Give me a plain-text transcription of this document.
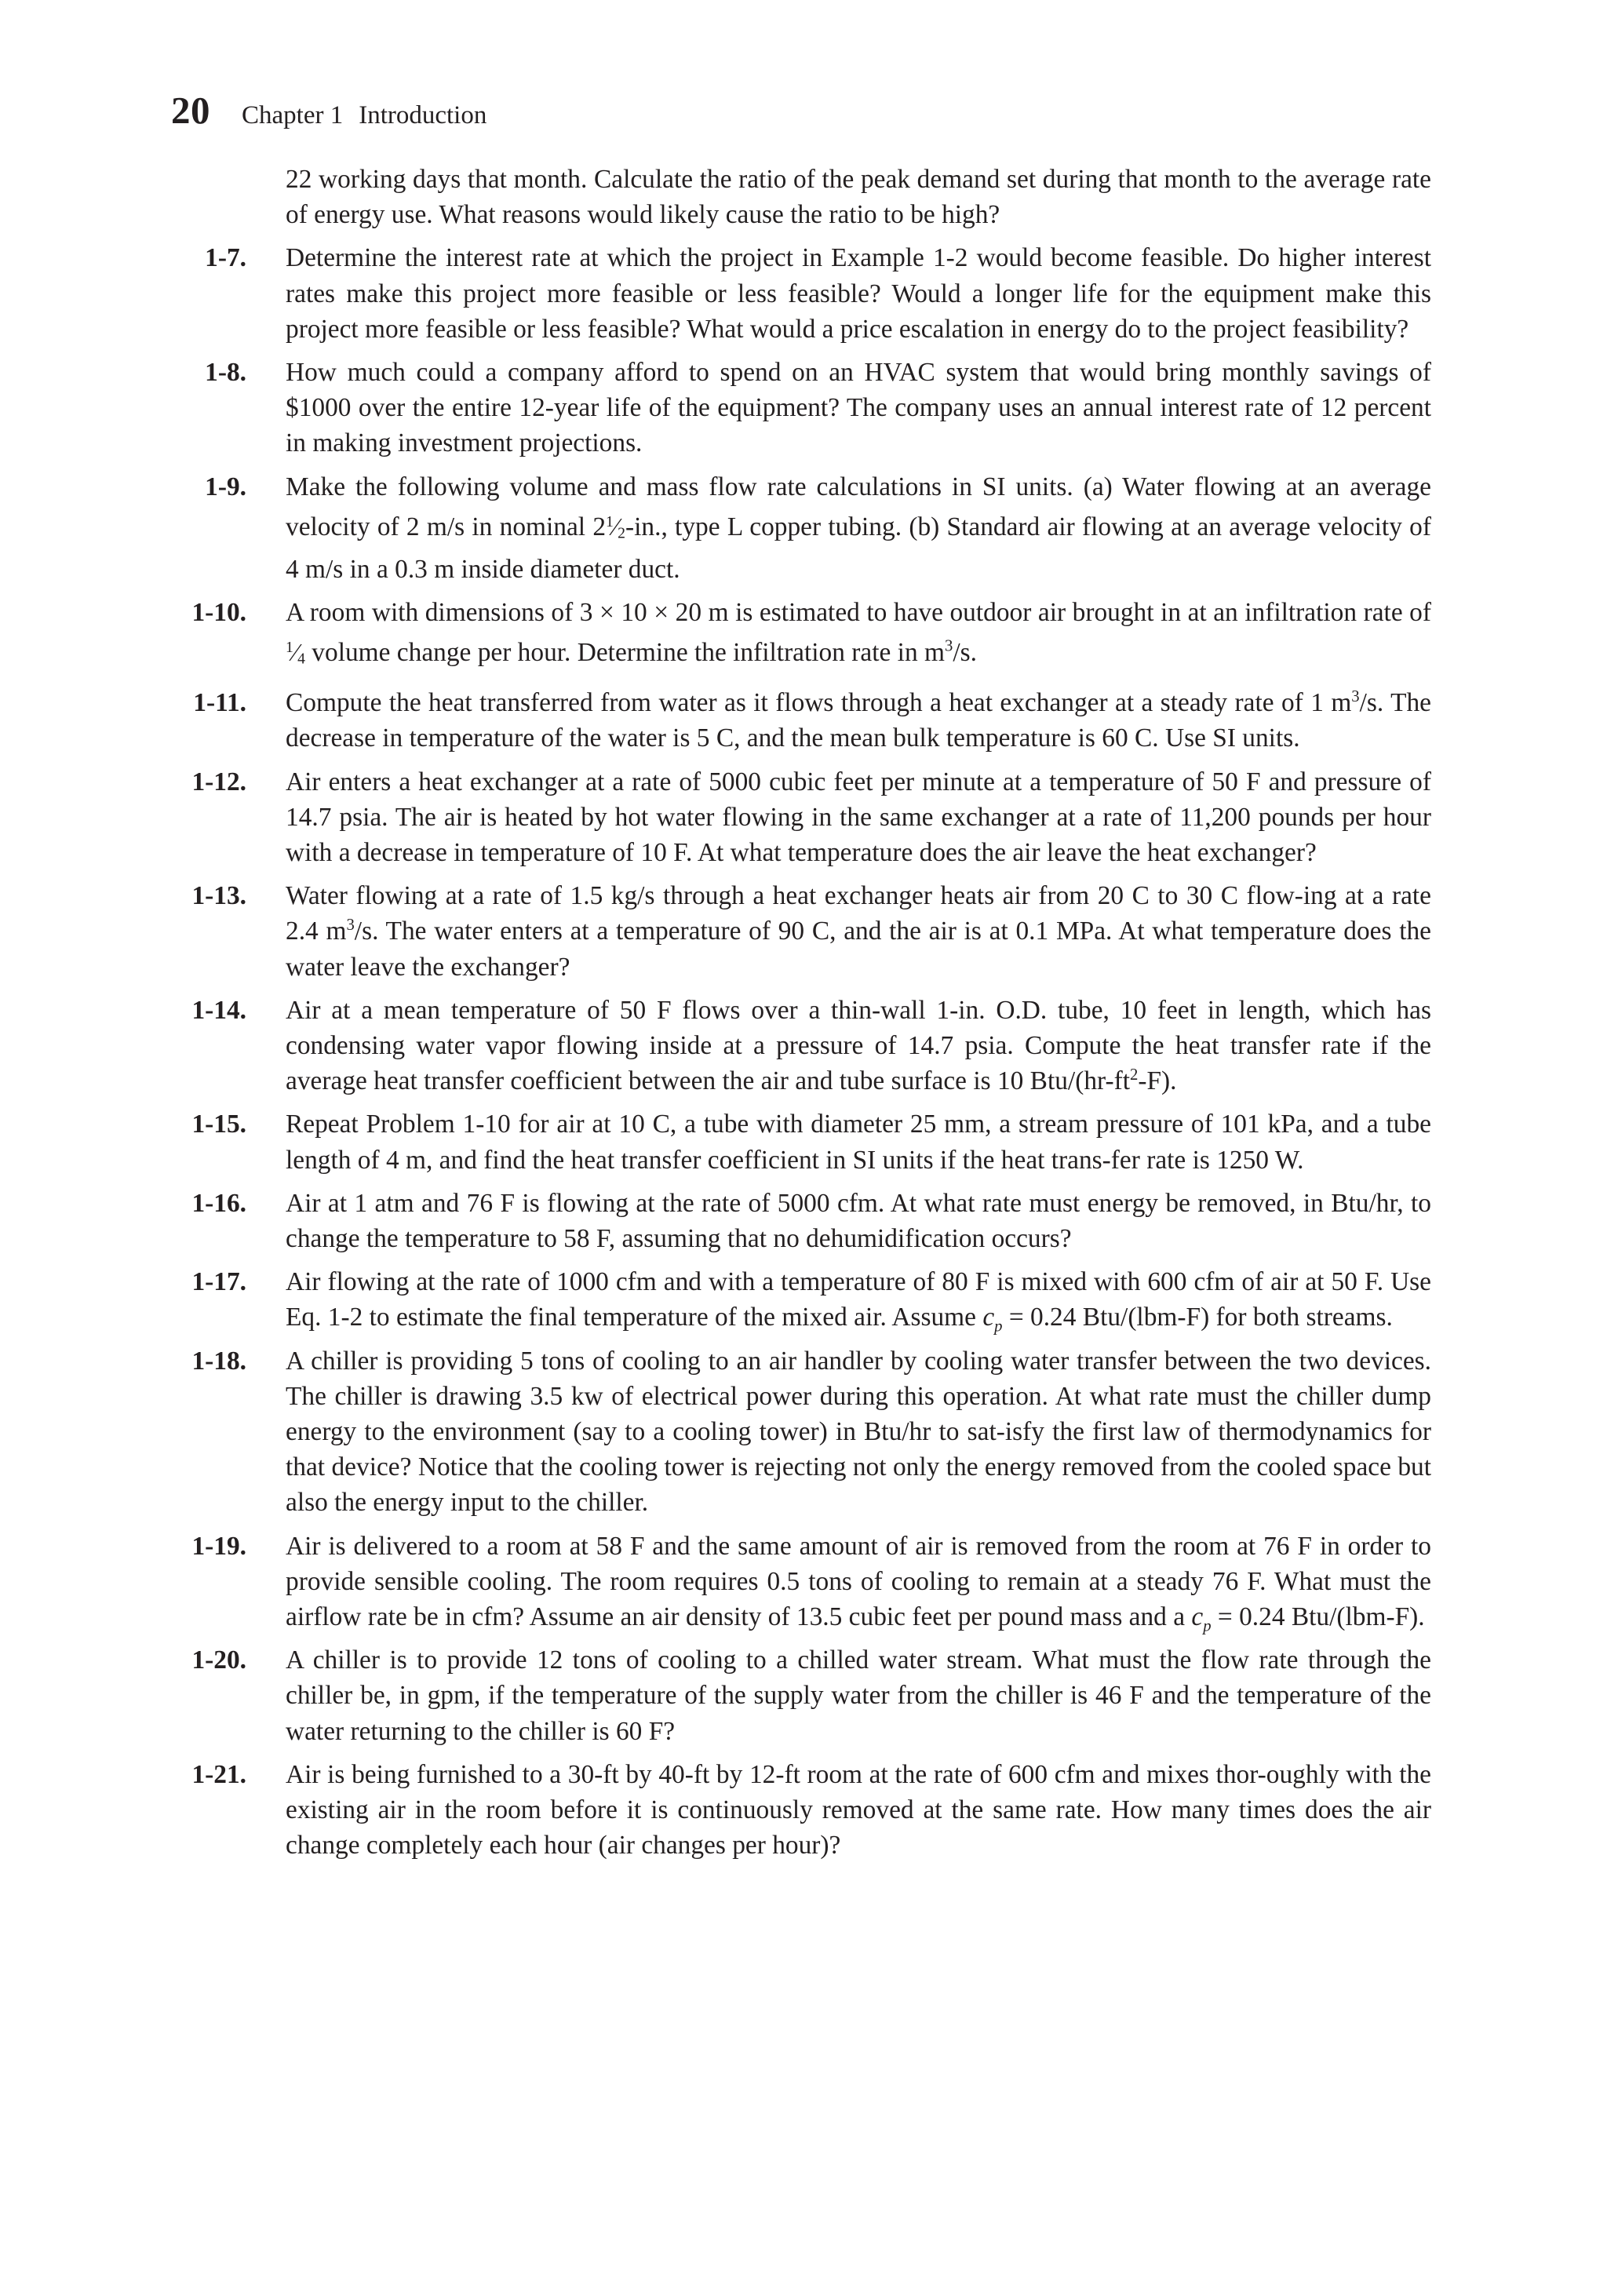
20 Chapter 1 Introduction
22 working days that month. Calculate the ratio of the peak demand set during that month to the average rate of energy use. What reasons would likely cause the ratio to be high?
1-7. Determine the interest rate at which the project in Example 1-2 would become feasible. Do higher interest rates make this project more feasible or less feasible? Would a longer life for the equipment make this project more feasible or less feasible? What would a price escalation in energy do to the project feasibility?
1-8. How much could a company afford to spend on an HVAC system that would bring monthly savings of $1000 over the entire 12-year life of the equipment? The company uses an annual interest rate of 12 percent in making investment projections.
1-9. Make the following volume and mass flow rate calculations in SI units. (a) Water flowing at an average velocity of 2 m/s in nominal $2^1⁄2-in$., type L copper tubing. (b) Standard air flowing at an average velocity of 4 m/s in a 0.3 m inside diameter duct.
1-10. A room with dimensions of 3 × 10 × 20 m is estimated to have outdoor air brought in at an infiltration rate of $^1$⁄4 volume change per hour. Determine the infiltration rate in $m^3/s$.
1-11. Compute the heat transferred from water as it flows through a heat exchanger at a steady rate of 1 $m^3/s$. The decrease in temperature of the water is 5 C, and the mean bulk temperature is 60 C. Use SI units.
1-12. Air enters a heat exchanger at a rate of 5000 cubic feet per minute at a temperature of 50 F and pressure of 14.7 psia. The air is heated by hot water flowing in the same exchanger at a rate of 11,200 pounds per hour with a decrease in temperature of 10 F. At what temperature does the air leave the heat exchanger?
1-13. Water flowing at a rate of 1.5 kg/s through a heat exchanger heats air from 20 C to 30 C flow-ing at a rate 2.4 $m^3/s$. The water enters at a temperature of 90 C, and the air is at 0.1 MPa. At what temperature does the water leave the exchanger?
1-14. Air at a mean temperature of 50 F flows over a thin-wall 1-in. O.D. tube, 10 feet in length, which has condensing water vapor flowing inside at a pressure of 14.7 psia. Compute the heat transfer rate if the average heat transfer coefficient between the air and tube surface is 10 Btu/$(hr-ft^2-F)$.
1-15. Repeat Problem 1-10 for air at 10 C, a tube with diameter 25 mm, a stream pressure of 101 kPa, and a tube length of 4 m, and find the heat transfer coefficient in SI units if the heat trans-fer rate is 1250 W.
1-16. Air at 1 atm and 76 F is flowing at the rate of 5000 cfm. At what rate must energy be removed, in Btu/hr, to change the temperature to 58 F, assuming that no dehumidification occurs?
1-17. Air flowing at the rate of 1000 cfm and with a temperature of 80 F is mixed with 600 cfm of air at 50 F. Use Eq. 1-2 to estimate the final temperature of the mixed air. Assume $c_p = 0.24$ Btu/(lbm-F) for both streams.
1-18. A chiller is providing 5 tons of cooling to an air handler by cooling water transfer between the two devices. The chiller is drawing 3.5 kw of electrical power during this operation. At what rate must the chiller dump energy to the environment (say to a cooling tower) in Btu/hr to sat-isfy the first law of thermodynamics for that device? Notice that the cooling tower is rejecting not only the energy removed from the cooled space but also the energy input to the chiller.
1-19. Air is delivered to a room at 58 F and the same amount of air is removed from the room at 76 F in order to provide sensible cooling. The room requires 0.5 tons of cooling to remain at a steady 76 F. What must the airflow rate be in cfm? Assume an air density of 13.5 cubic feet per pound mass and a $c_p = 0.24$ Btu/(lbm-F).
1-20. A chiller is to provide 12 tons of cooling to a chilled water stream. What must the flow rate through the chiller be, in gpm, if the temperature of the supply water from the chiller is 46 F and the temperature of the water returning to the chiller is 60 F?
1-21. Air is being furnished to a 30-ft by 40-ft by 12-ft room at the rate of 600 cfm and mixes thor-oughly with the existing air in the room before it is continuously removed at the same rate. How many times does the air change completely each hour (air changes per hour)?
